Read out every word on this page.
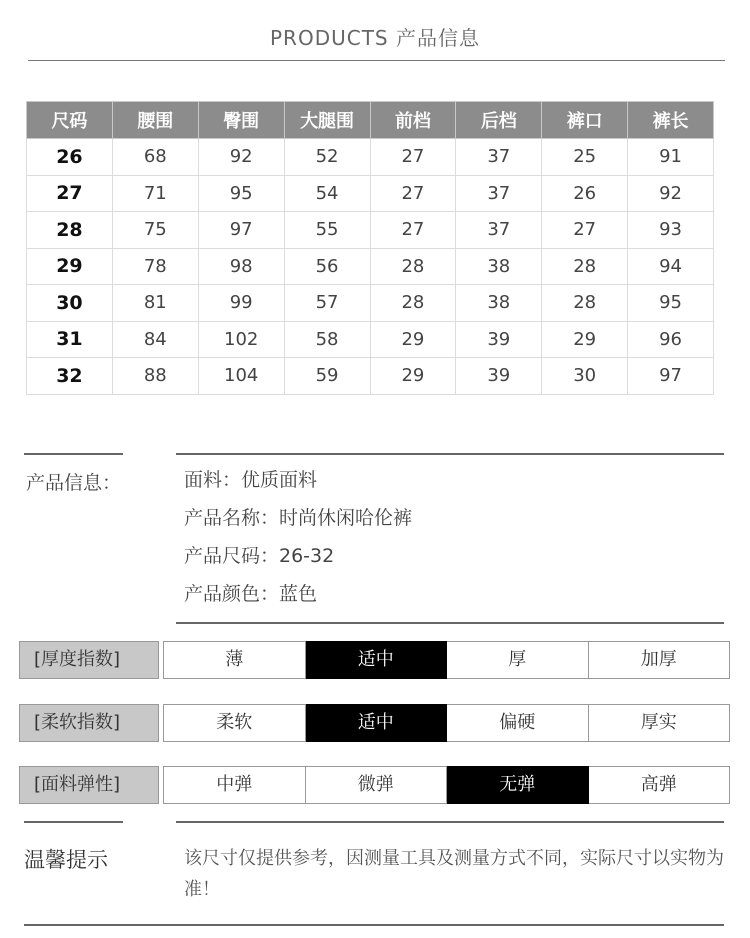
PRODUCTS 产品信息
尺码	腰围	臀围	大腿围	前档	后档	裤口	裤长
26	68	92	52	27	37	25	91
27	71	95	54	27	37	26	92
28	75	97	55	27	37	27	93
29	78	98	56	28	38	28	94
30	81	99	57	28	38	28	95
31	84	102	58	29	39	29	96
32	88	104	59	29	39	30	97
产品信息：	面料：优质面料
产品名称：时尚休闲哈伦裤
产品尺码：26-32
产品颜色：蓝色
[厚度指数]	薄	适中	厚	加厚
[柔软指数]	柔软	适中	偏硬	厚实
[面料弹性]	中弹	微弹	无弹	高弹
温馨提示	该尺寸仅提供参考，因测量工具及测量方式不同，实际尺寸以实物为准！
